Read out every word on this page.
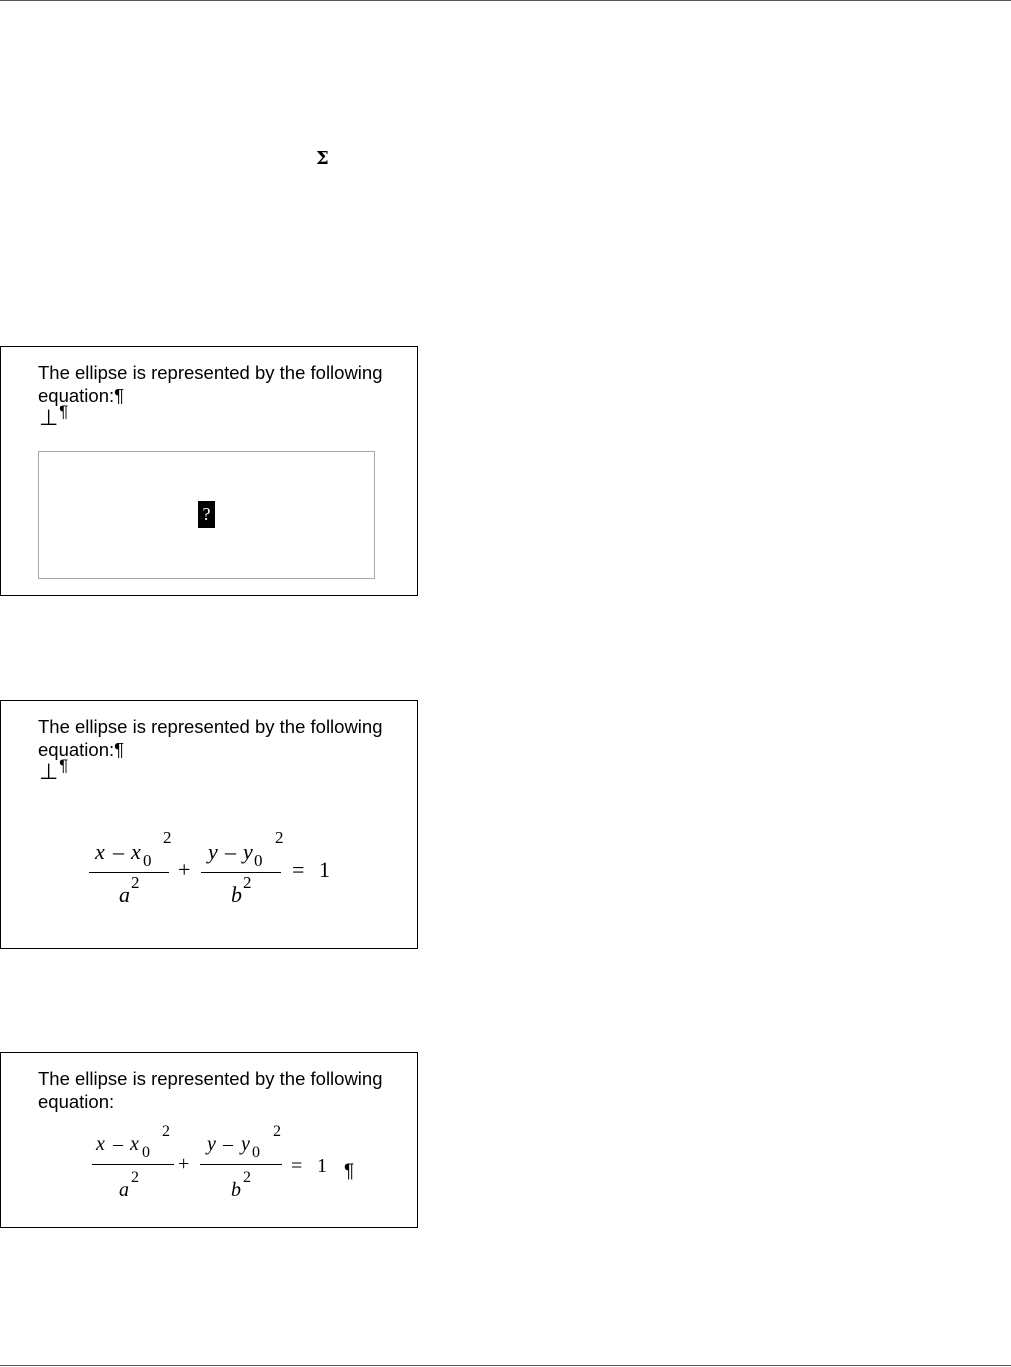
Σ
The ellipse is represented by the following
equation:¶
⊥¶
?
The ellipse is represented by the following
equation:¶
⊥¶
x – x 0
2
a 2
+
y – y 0
2
b 2
= 1
The ellipse is represented by the following
equation:
x – x 0
2
a
2
+
y – y 0
2
b
2
= 1 ¶
